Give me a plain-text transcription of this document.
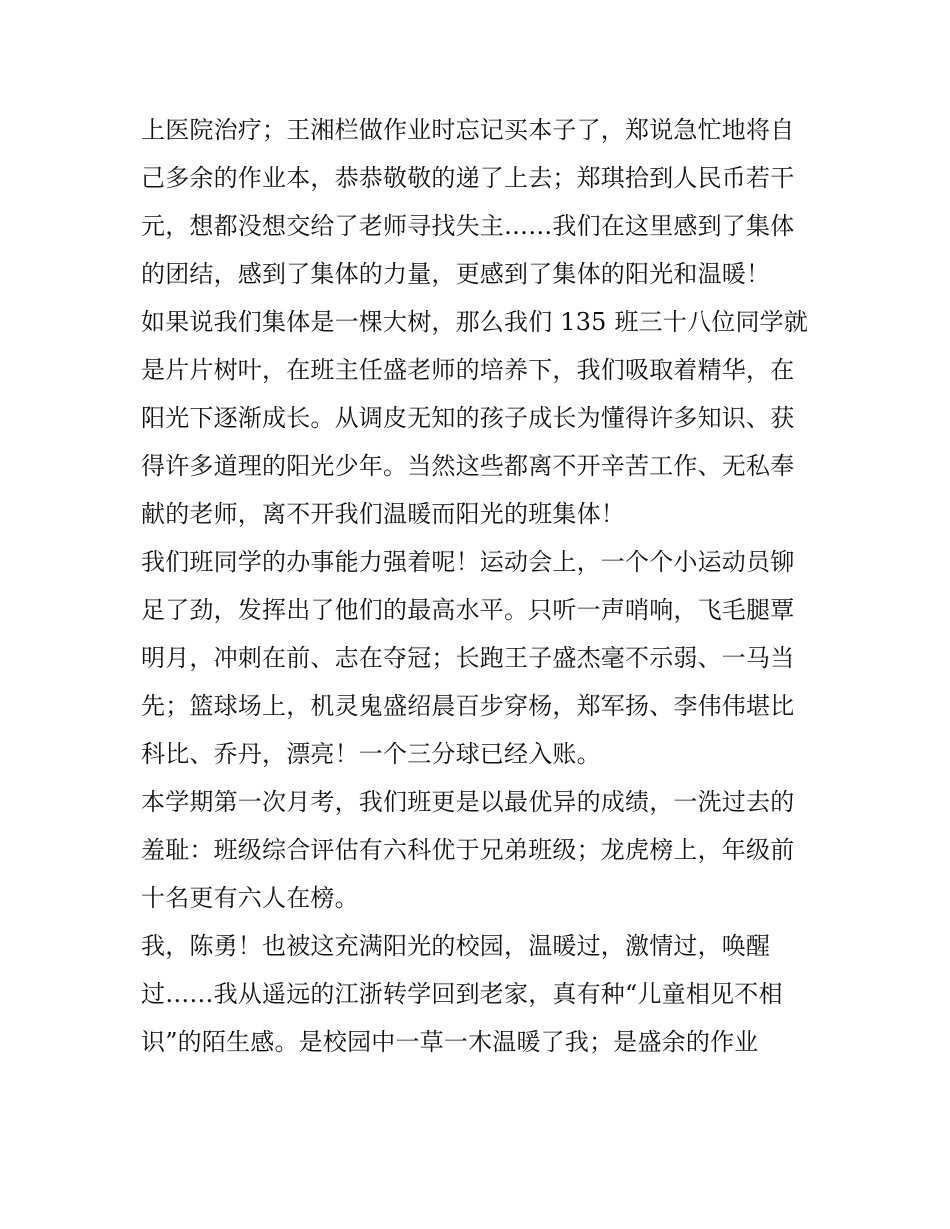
上医院治疗；王湘栏做作业时忘记买本子了，郑说急忙地将自
己多余的作业本，恭恭敬敬的递了上去；郑琪拾到人民币若干
元，想都没想交给了老师寻找失主……我们在这里感到了集体
的团结，感到了集体的力量，更感到了集体的阳光和温暖！
如果说我们集体是一棵大树，那么我们 135 班三十八位同学就
是片片树叶，在班主任盛老师的培养下，我们吸取着精华，在
阳光下逐渐成长。从调皮无知的孩子成长为懂得许多知识、获
得许多道理的阳光少年。当然这些都离不开辛苦工作、无私奉
献的老师，离不开我们温暖而阳光的班集体！
我们班同学的办事能力强着呢！运动会上，一个个小运动员铆
足了劲，发挥出了他们的最高水平。只听一声哨响，飞毛腿覃
明月，冲刺在前、志在夺冠；长跑王子盛杰毫不示弱、一马当
先；篮球场上，机灵鬼盛绍晨百步穿杨，郑军扬、李伟伟堪比
科比、乔丹，漂亮！一个三分球已经入账。
本学期第一次月考，我们班更是以最优异的成绩，一洗过去的
羞耻：班级综合评估有六科优于兄弟班级；龙虎榜上，年级前
十名更有六人在榜。
我，陈勇！也被这充满阳光的校园，温暖过，激情过，唤醒
过……我从遥远的江浙转学回到老家，真有种“儿童相见不相
识”的陌生感。是校园中一草一木温暖了我；是盛余的作业
